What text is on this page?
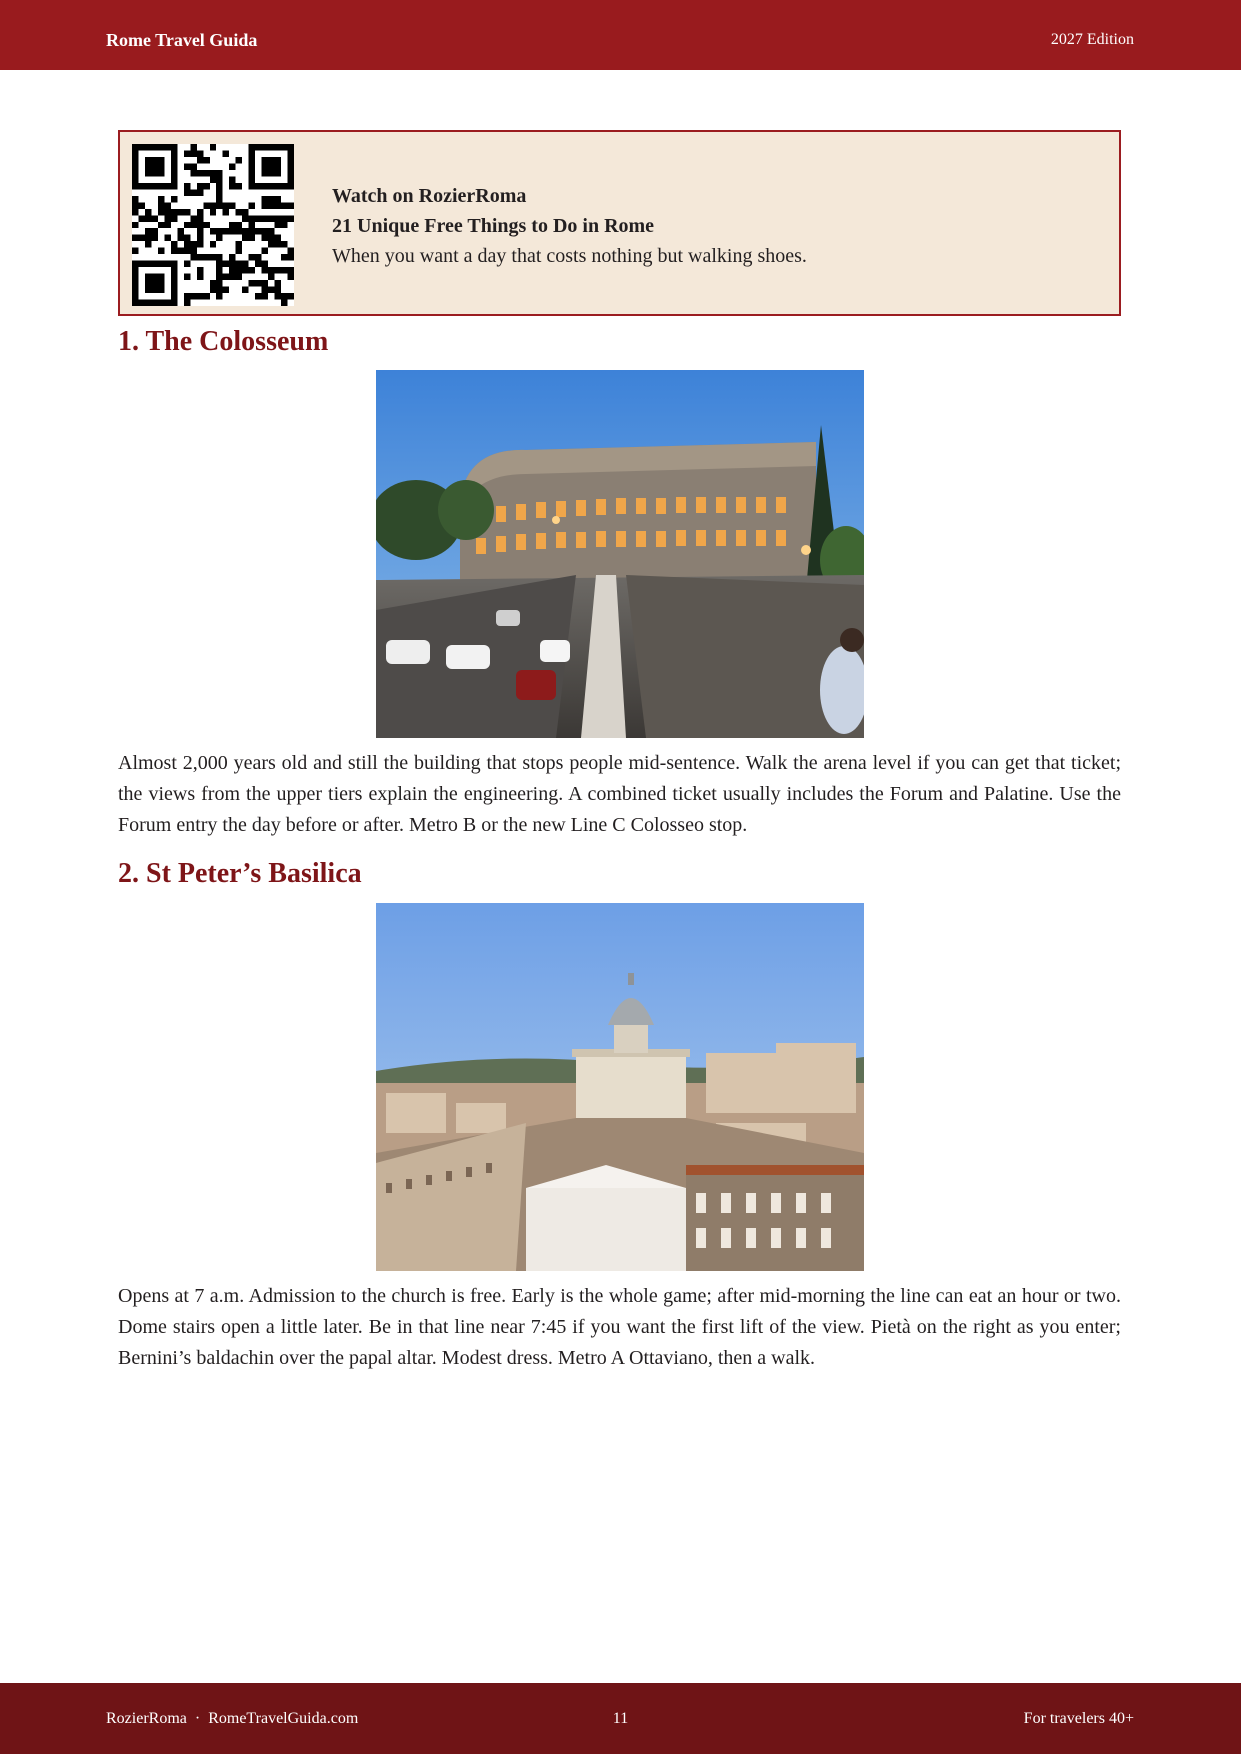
Rome Travel Guida	2027 Edition
Watch on RozierRoma
21 Unique Free Things to Do in Rome
When you want a day that costs nothing but walking shoes.
1. The Colosseum

Almost 2,000 years old and still the building that stops people mid-sentence. Walk the arena level if you can get that ticket; the views from the upper tiers explain the engineering. A combined ticket usually includes the Forum and Palatine. Use the Forum entry the day before or after. Metro B or the new Line C Colosseo stop.

2. St Peter’s Basilica

Opens at 7 a.m. Admission to the church is free. Early is the whole game; after mid-morning the line can eat an hour or two. Dome stairs open a little later. Be in that line near 7:45 if you want the first lift of the view. Pietà on the right as you enter; Bernini’s baldachin over the papal altar. Modest dress. Metro A Ottaviano, then a walk.

11
RozierRoma · RomeTravelGuida.com	For travelers 40+
